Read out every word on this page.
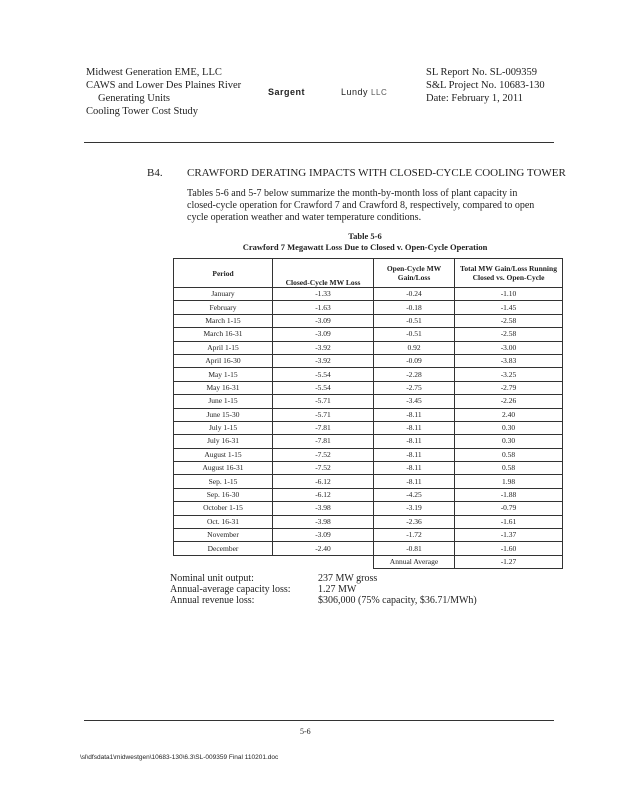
Midwest Generation EME, LLC
CAWS and Lower Des Plaines River
Generating Units
Cooling Tower Cost Study
Sargent	Lundy LLC
SL Report No. SL-009359
S&L Project No. 10683-130
Date: February 1, 2011
B4. CRAWFORD DERATING IMPACTS WITH CLOSED-CYCLE COOLING TOWER
Tables 5-6 and 5-7 below summarize the month-by-month loss of plant capacity in closed-cycle operation for Crawford 7 and Crawford 8, respectively, compared to open cycle operation weather and water temperature conditions.
Table 5-6
Crawford 7 Megawatt Loss Due to Closed v. Open-Cycle Operation
Period	Closed-Cycle MW Loss	Open-Cycle MW Gain/Loss	Total MW Gain/Loss Running Closed vs. Open-Cycle
January	-1.33	-0.24	-1.10
February	-1.63	-0.18	-1.45
March 1-15	-3.09	-0.51	-2.58
March 16-31	-3.09	-0.51	-2.58
April 1-15	-3.92	0.92	-3.00
April 16-30	-3.92	-0.09	-3.83
May 1-15	-5.54	-2.28	-3.25
May 16-31	-5.54	-2.75	-2.79
June 1-15	-5.71	-3.45	-2.26
June 15-30	-5.71	-8.11	2.40
July 1-15	-7.81	-8.11	0.30
July 16-31	-7.81	-8.11	0.30
August 1-15	-7.52	-8.11	0.58
August 16-31	-7.52	-8.11	0.58
Sep. 1-15	-6.12	-8.11	1.98
Sep. 16-30	-6.12	-4.25	-1.88
October 1-15	-3.98	-3.19	-0.79
Oct. 16-31	-3.98	-2.36	-1.61
November	-3.09	-1.72	-1.37
December	-2.40	-0.81	-1.60
		Annual Average	-1.27
Nominal unit output:	237 MW gross
Annual-average capacity loss:	1.27 MW
Annual revenue loss:	$306,000 (75% capacity, $36.71/MWh)
5-6
\sl\dfsdata1\midwestgen\10683-130\6.3\SL-009359 Final 110201.doc
